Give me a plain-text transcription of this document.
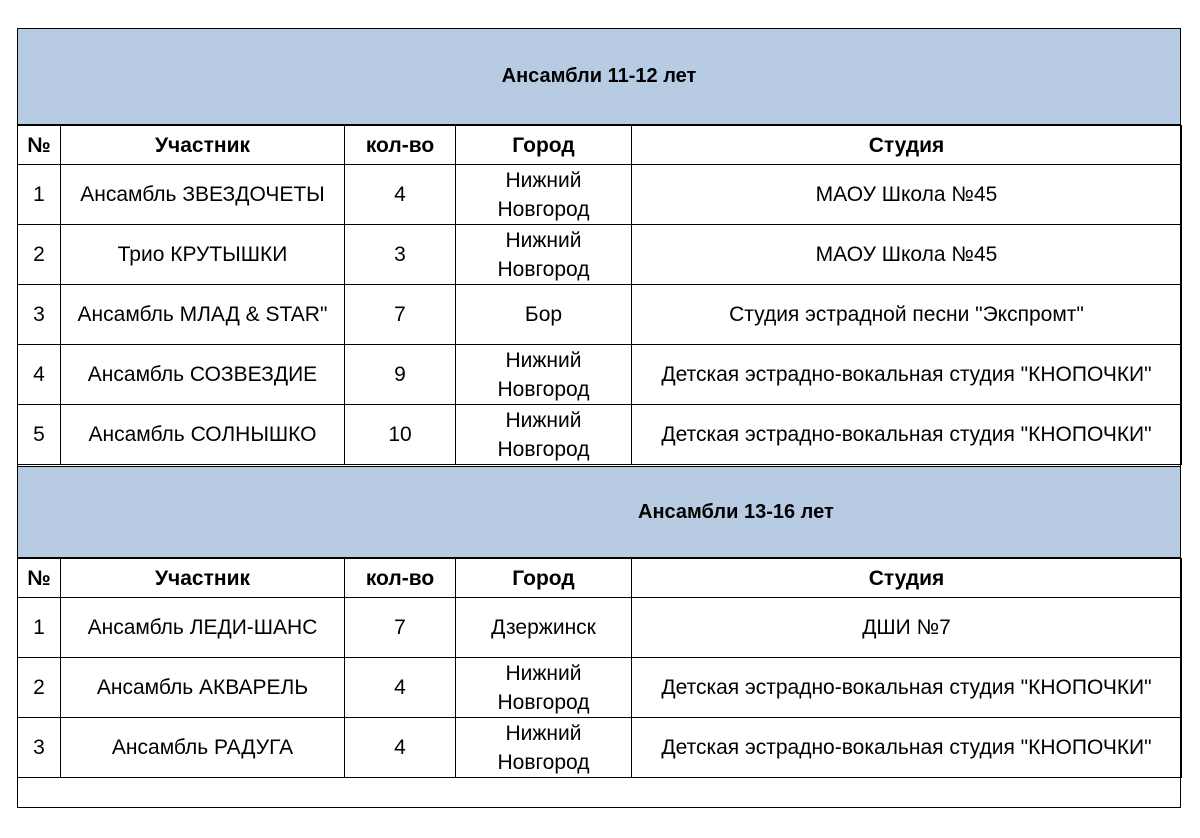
Ансамбли 11-12 лет
№	Участник	кол-во	Город	Студия
1	Ансамбль ЗВЕЗДОЧЕТЫ	4	Нижний Новгород	МАОУ Школа №45
2	Трио КРУТЫШКИ	3	Нижний Новгород	МАОУ Школа №45
3	Ансамбль МЛАД & STAR"	7	Бор	Студия эстрадной песни "Экспромт"
4	Ансамбль СОЗВЕЗДИЕ	9	Нижний Новгород	Детская эстрадно-вокальная студия "КНОПОЧКИ"
5	Ансамбль СОЛНЫШКО	10	Нижний Новгород	Детская эстрадно-вокальная студия "КНОПОЧКИ"
Ансамбли 13-16 лет
№	Участник	кол-во	Город	Студия
1	Ансамбль ЛЕДИ-ШАНС	7	Дзержинск	ДШИ №7
2	Ансамбль АКВАРЕЛЬ	4	Нижний Новгород	Детская эстрадно-вокальная студия "КНОПОЧКИ"
3	Ансамбль РАДУГА	4	Нижний Новгород	Детская эстрадно-вокальная студия "КНОПОЧКИ"
